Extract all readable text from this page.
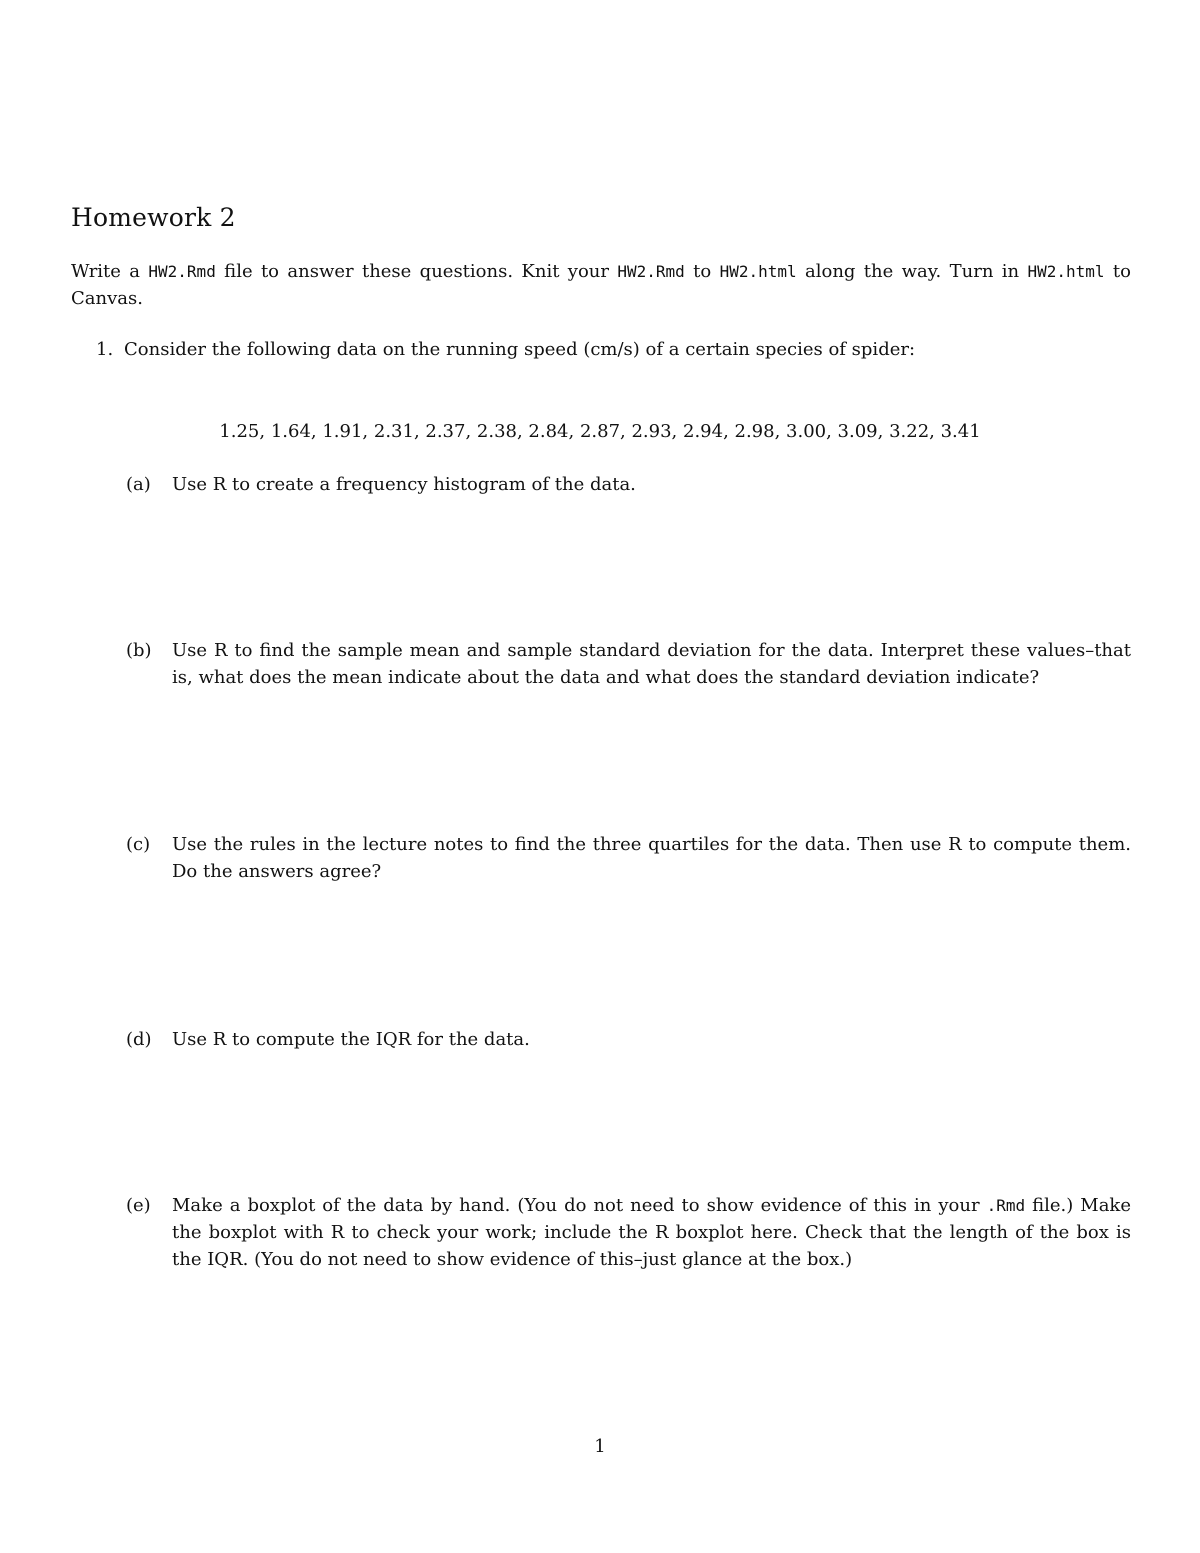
Homework 2
Write a HW2.Rmd file to answer these questions. Knit your HW2.Rmd to HW2.html along the way. Turn in HW2.html to Canvas.
1. Consider the following data on the running speed (cm/s) of a certain species of spider:
1.25, 1.64, 1.91, 2.31, 2.37, 2.38, 2.84, 2.87, 2.93, 2.94, 2.98, 3.00, 3.09, 3.22, 3.41
(a)	Use R to create a frequency histogram of the data.
(b)	Use R to find the sample mean and sample standard deviation for the data. Interpret these values–that is, what does the mean indicate about the data and what does the standard deviation indicate?
(c)	Use the rules in the lecture notes to find the three quartiles for the data. Then use R to compute them. Do the answers agree?
(d)	Use R to compute the IQR for the data.
(e)	Make a boxplot of the data by hand. (You do not need to show evidence of this in your .Rmd file.) Make the boxplot with R to check your work; include the R boxplot here. Check that the length of the box is the IQR. (You do not need to show evidence of this–just glance at the box.)
1
